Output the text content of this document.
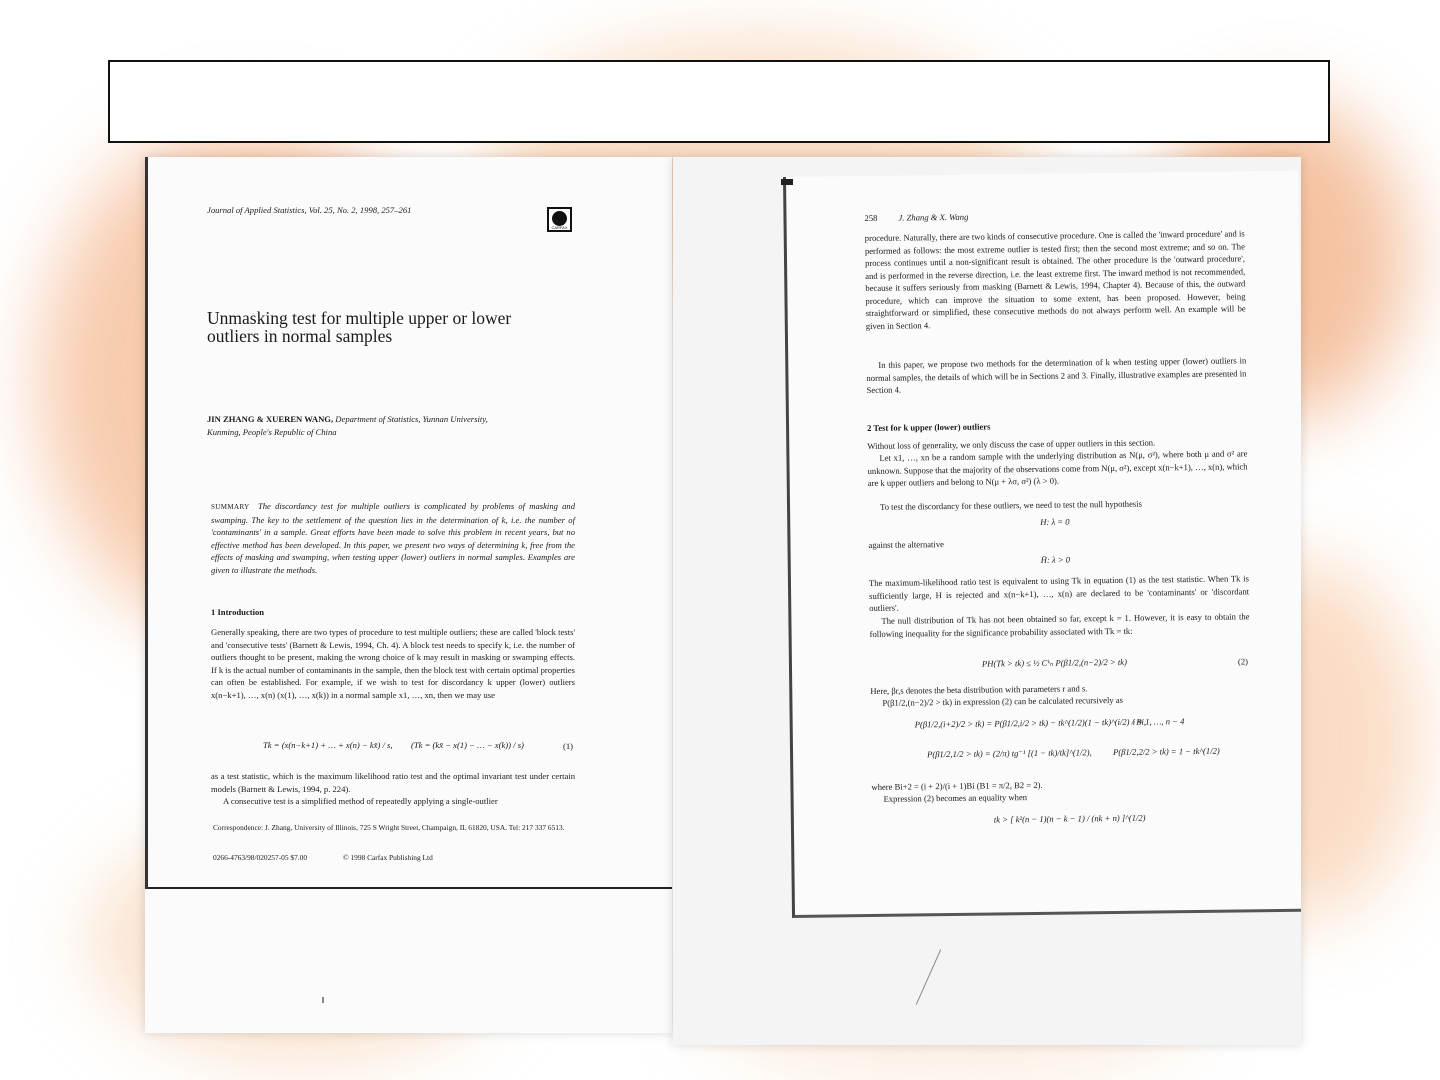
Journal of Applied Statistics, Vol. 25, No. 2, 1998, 257–261
CARFAX
Unmasking test for multiple upper or lower
outliers in normal samples
JIN ZHANG & XUEREN WANG, Department of Statistics, Yunnan University,
Kunming, People's Republic of China
SUMMARY The discordancy test for multiple outliers is complicated by problems of masking and swamping. The key to the settlement of the question lies in the determination of k, i.e. the number of 'contaminants' in a sample. Great efforts have been made to solve this problem in recent years, but no effective method has been developed. In this paper, we present two ways of determining k, free from the effects of masking and swamping, when testing upper (lower) outliers in normal samples. Examples are given to illustrate the methods.
1 Introduction
Generally speaking, there are two types of procedure to test multiple outliers; these are called 'block tests' and 'consecutive tests' (Barnett & Lewis, 1994, Ch. 4). A block test needs to specify k, i.e. the number of outliers thought to be present, making the wrong choice of k may result in masking or swamping effects. If k is the actual number of contaminants in the sample, then the block test with certain optimal properties can often be established. For example, if we wish to test for discordancy k upper (lower) outliers x(n−k+1), …, x(n) (x(1), …, x(k)) in a normal sample x1, …, xn, then we may use
Tk = (x(n−k+1) + … + x(n) − kx̄) / s, (Tk = (kx̄ − x(1) − … − x(k)) / s)	(1)
as a test statistic, which is the maximum likelihood ratio test and the optimal invariant test under certain models (Barnett & Lewis, 1994, p. 224).
A consecutive test is a simplified method of repeatedly applying a single-outlier
Correspondence: J. Zhang, University of Illinois, 725 S Wright Street, Champaign, IL 61820, USA. Tel: 217 337 6513.
0266-4763/98/020257-05 $7.00	© 1998 Carfax Publishing Ltd
258 J. Zhang & X. Wang
procedure. Naturally, there are two kinds of consecutive procedure. One is called the 'inward procedure' and is performed as follows: the most extreme outlier is tested first; then the second most extreme; and so on. The process continues until a non-significant result is obtained. The other procedure is the 'outward procedure', and is performed in the reverse direction, i.e. the least extreme first. The inward method is not recommended, because it suffers seriously from masking (Barnett & Lewis, 1994, Chapter 4). Because of this, the outward procedure, which can improve the situation to some extent, has been proposed. However, being straightforward or simplified, these consecutive methods do not always perform well. An example will be given in Section 4.
In this paper, we propose two methods for the determination of k when testing upper (lower) outliers in normal samples, the details of which will be in Sections 2 and 3. Finally, illustrative examples are presented in Section 4.
2 Test for k upper (lower) outliers
Without loss of generality, we only discuss the case of upper outliers in this section.
Let x1, …, xn be a random sample with the underlying distribution as N(μ, σ²), where both μ and σ² are unknown. Suppose that the majority of the observations come from N(μ, σ²), except x(n−k+1), …, x(n), which are k upper outliers and belong to N(μ + λσ, σ²) (λ > 0).
To test the discordancy for these outliers, we need to test the null hypothesis
H: λ = 0
against the alternative
H̄: λ > 0
The maximum-likelihood ratio test is equivalent to using Tk in equation (1) as the test statistic. When Tk is sufficiently large, H is rejected and x(n−k+1), …, x(n) are declared to be 'contaminants' or 'discordant outliers'.
The null distribution of Tk has not been obtained so far, except k = 1. However, it is easy to obtain the following inequality for the significance probability associated with Tk = tk:
PH(Tk > tk) ≤ ½ Cᵏₙ P(β1/2,(n−2)/2 > tk)	(2)
Here, βr,s denotes the beta distribution with parameters r and s.
P(β1/2,(n−2)/2 > tk) in expression (2) can be calculated recursively as
P(β1/2,(i+2)/2 > tk) = P(β1/2,i/2 > tk) − tk^(1/2)(1 − tk)^(i/2) / Bi,
i = 1, …, n − 4
P(β1/2,1/2 > tk) = (2/π) tg⁻¹ [(1 − tk)/tk]^(1/2), P(β1/2,2/2 > tk) = 1 − tk^(1/2)
where Bi+2 = (i + 2)/(i + 1)Bi (B1 = π/2, B2 = 2).
Expression (2) becomes an equality when
tk > [ k²(n − 1)(n − k − 1) / (nk + n) ]^(1/2)
